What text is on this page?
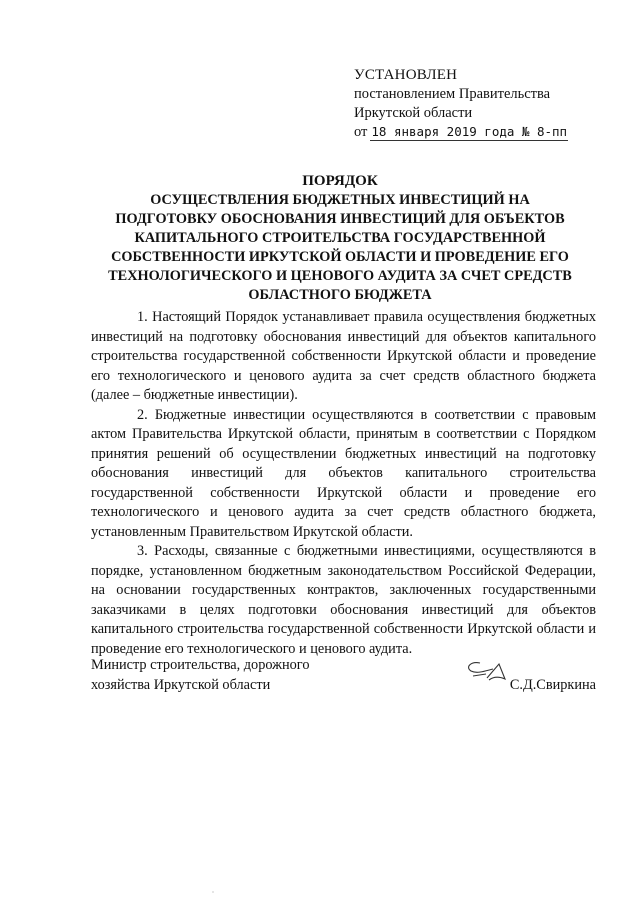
УСТАНОВЛЕН
постановлением Правительства
Иркутской области
от 18 января 2019 года № 8-пп
ПОРЯДОК
ОСУЩЕСТВЛЕНИЯ БЮДЖЕТНЫХ ИНВЕСТИЦИЙ НА
ПОДГОТОВКУ ОБОСНОВАНИЯ ИНВЕСТИЦИЙ ДЛЯ ОБЪЕКТОВ
КАПИТАЛЬНОГО СТРОИТЕЛЬСТВА ГОСУДАРСТВЕННОЙ
СОБСТВЕННОСТИ ИРКУТСКОЙ ОБЛАСТИ И ПРОВЕДЕНИЕ ЕГО
ТЕХНОЛОГИЧЕСКОГО И ЦЕНОВОГО АУДИТА ЗА СЧЕТ СРЕДСТВ
ОБЛАСТНОГО БЮДЖЕТА

1. Настоящий Порядок устанавливает правила осуществления бюджетных инвестиций на подготовку обоснования инвестиций для объектов капитального строительства государственной собственности Иркутской области и проведение его технологического и ценового аудита за счет средств областного бюджета (далее – бюджетные инвестиции).

2. Бюджетные инвестиции осуществляются в соответствии с правовым актом Правительства Иркутской области, принятым в соответствии с Порядком принятия решений об осуществлении бюджетных инвестиций на подготовку обоснования инвестиций для объектов капитального строительства государственной собственности Иркутской области и проведение его технологического и ценового аудита за счет средств областного бюджета, установленным Правительством Иркутской области.

3. Расходы, связанные с бюджетными инвестициями, осуществляются в порядке, установленном бюджетным законодательством Российской Федерации, на основании государственных контрактов, заключенных государственными заказчиками в целях подготовки обоснования инвестиций для объектов капитального строительства государственной собственности Иркутской области и проведение его технологического и ценового аудита.

Министр строительства, дорожного
хозяйства Иркутской области	С.Д.Свиркина
